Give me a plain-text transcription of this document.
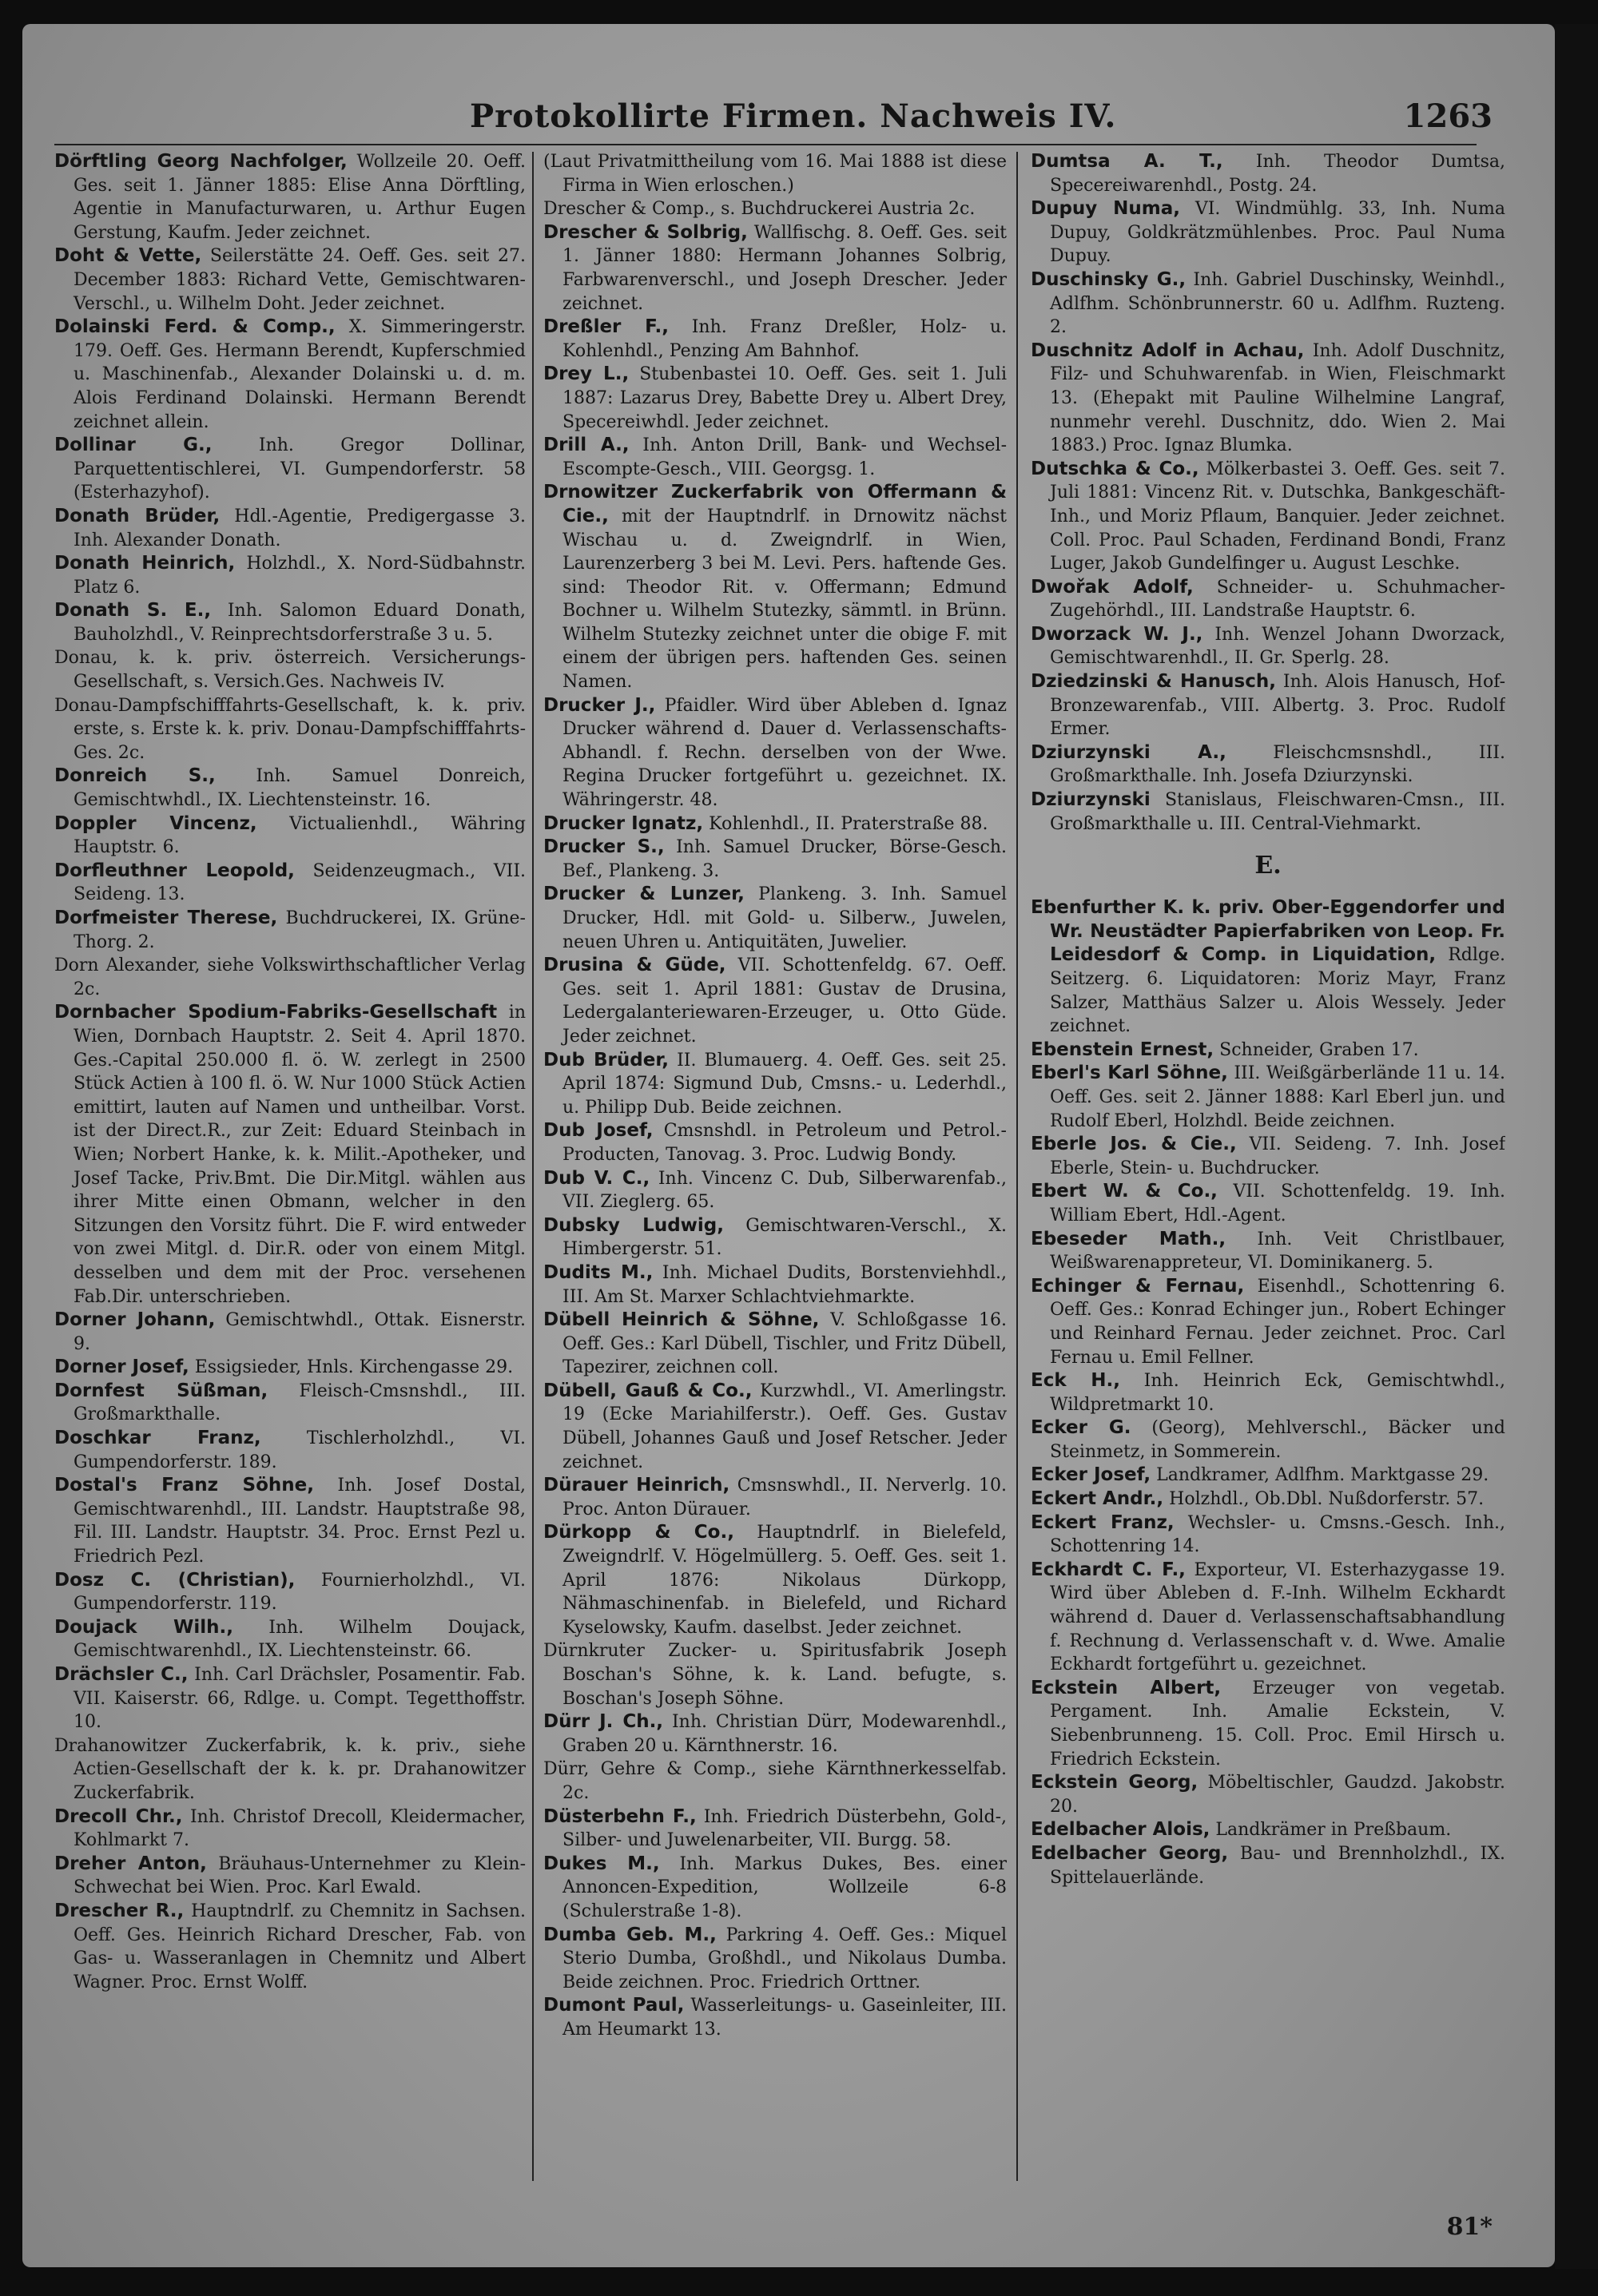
Protokollirte Firmen. Nachweis IV.	1263

Dörftling Georg Nachfolger, Wollzeile 20. Oeff. Ges. seit 1. Jänner 1885: Elise Anna Dörftling, Agentie in Manufacturwaren, u. Arthur Eugen Gerstung, Kaufm. Jeder zeichnet.

Doht & Vette, Seilerstätte 24. Oeff. Ges. seit 27. December 1883: Richard Vette, Gemischtwaren-Verschl., u. Wilhelm Doht. Jeder zeichnet.

Dolainski Ferd. & Comp., X. Simmeringerstr. 179. Oeff. Ges. Hermann Berendt, Kupferschmied u. Maschinenfab., Alexander Dolainski u. d. m. Alois Ferdinand Dolainski. Hermann Berendt zeichnet allein.

Dollinar G., Inh. Gregor Dollinar, Parquettentischlerei, VI. Gumpendorferstr. 58 (Esterhazyhof).

Donath Brüder, Hdl.-Agentie, Predigergasse 3. Inh. Alexander Donath.

Donath Heinrich, Holzhdl., X. Nord-Südbahnstr. Platz 6.

Donath S. E., Inh. Salomon Eduard Donath, Bauholzhdl., V. Reinprechtsdorferstraße 3 u. 5.

Donau, k. k. priv. österreich. Versicherungs-Gesellschaft, s. Versich.Ges. Nachweis IV.

Donau-Dampfschifffahrts-Gesellschaft, k. k. priv. erste, s. Erste k. k. priv. Donau-Dampfschifffahrts-Ges. 2c.

Donreich S., Inh. Samuel Donreich, Gemischtwhdl., IX. Liechtensteinstr. 16.

Doppler Vincenz, Victualienhdl., Währing Hauptstr. 6.

Dorfleuthner Leopold, Seidenzeugmach., VII. Seideng. 13.

Dorfmeister Therese, Buchdruckerei, IX. Grüne-Thorg. 2.

Dorn Alexander, siehe Volkswirthschaftlicher Verlag 2c.

Dornbacher Spodium-Fabriks-Gesellschaft in Wien, Dornbach Hauptstr. 2. Seit 4. April 1870. Ges.-Capital 250.000 fl. ö. W. zerlegt in 2500 Stück Actien à 100 fl. ö. W. Nur 1000 Stück Actien emittirt, lauten auf Namen und untheilbar. Vorst. ist der Direct.R., zur Zeit: Eduard Steinbach in Wien; Norbert Hanke, k. k. Milit.-Apotheker, und Josef Tacke, Priv.Bmt. Die Dir.Mitgl. wählen aus ihrer Mitte einen Obmann, welcher in den Sitzungen den Vorsitz führt. Die F. wird entweder von zwei Mitgl. d. Dir.R. oder von einem Mitgl. desselben und dem mit der Proc. versehenen Fab.Dir. unterschrieben.

Dorner Johann, Gemischtwhdl., Ottak. Eisnerstr. 9.

Dorner Josef, Essigsieder, Hnls. Kirchengasse 29.

Dornfest Süßman, Fleisch-Cmsnshdl., III. Großmarkthalle.

Doschkar Franz, Tischlerholzhdl., VI. Gumpendorferstr. 189.

Dostal's Franz Söhne, Inh. Josef Dostal, Gemischtwarenhdl., III. Landstr. Hauptstraße 98, Fil. III. Landstr. Hauptstr. 34. Proc. Ernst Pezl u. Friedrich Pezl.

Dosz C. (Christian), Fournierholzhdl., VI. Gumpendorferstr. 119.

Doujack Wilh., Inh. Wilhelm Doujack, Gemischtwarenhdl., IX. Liechtensteinstr. 66.

Drächsler C., Inh. Carl Drächsler, Posamentir. Fab. VII. Kaiserstr. 66, Rdlge. u. Compt. Tegetthoffstr. 10.

Drahanowitzer Zuckerfabrik, k. k. priv., siehe Actien-Gesellschaft der k. k. pr. Drahanowitzer Zuckerfabrik.

Drecoll Chr., Inh. Christof Drecoll, Kleidermacher, Kohlmarkt 7.

Dreher Anton, Bräuhaus-Unternehmer zu Klein-Schwechat bei Wien. Proc. Karl Ewald.

Drescher R., Hauptndrlf. zu Chemnitz in Sachsen. Oeff. Ges. Heinrich Richard Drescher, Fab. von Gas- u. Wasseranlagen in Chemnitz und Albert Wagner. Proc. Ernst Wolff.

(Laut Privatmittheilung vom 16. Mai 1888 ist diese Firma in Wien erloschen.)

Drescher & Comp., s. Buchdruckerei Austria 2c.

Drescher & Solbrig, Wallfischg. 8. Oeff. Ges. seit 1. Jänner 1880: Hermann Johannes Solbrig, Farbwarenverschl., und Joseph Drescher. Jeder zeichnet.

Dreßler F., Inh. Franz Dreßler, Holz- u. Kohlenhdl., Penzing Am Bahnhof.

Drey L., Stubenbastei 10. Oeff. Ges. seit 1. Juli 1887: Lazarus Drey, Babette Drey u. Albert Drey, Specereiwhdl. Jeder zeichnet.

Drill A., Inh. Anton Drill, Bank- und Wechsel-Escompte-Gesch., VIII. Georgsg. 1.

Drnowitzer Zuckerfabrik von Offermann & Cie., mit der Hauptndrlf. in Drnowitz nächst Wischau u. d. Zweigndrlf. in Wien, Laurenzerberg 3 bei M. Levi. Pers. haftende Ges. sind: Theodor Rit. v. Offermann; Edmund Bochner u. Wilhelm Stutezky, sämmtl. in Brünn. Wilhelm Stutezky zeichnet unter die obige F. mit einem der übrigen pers. haftenden Ges. seinen Namen.

Drucker J., Pfaidler. Wird über Ableben d. Ignaz Drucker während d. Dauer d. Verlassenschafts-Abhandl. f. Rechn. derselben von der Wwe. Regina Drucker fortgeführt u. gezeichnet. IX. Währingerstr. 48.

Drucker Ignatz, Kohlenhdl., II. Praterstraße 88.

Drucker S., Inh. Samuel Drucker, Börse-Gesch. Bef., Plankeng. 3.

Drucker & Lunzer, Plankeng. 3. Inh. Samuel Drucker, Hdl. mit Gold- u. Silberw., Juwelen, neuen Uhren u. Antiquitäten, Juwelier.

Drusina & Güde, VII. Schottenfeldg. 67. Oeff. Ges. seit 1. April 1881: Gustav de Drusina, Ledergalanteriewaren-Erzeuger, u. Otto Güde. Jeder zeichnet.

Dub Brüder, II. Blumauerg. 4. Oeff. Ges. seit 25. April 1874: Sigmund Dub, Cmsns.- u. Lederhdl., u. Philipp Dub. Beide zeichnen.

Dub Josef, Cmsnshdl. in Petroleum und Petrol.-Producten, Tanovag. 3. Proc. Ludwig Bondy.

Dub V. C., Inh. Vincenz C. Dub, Silberwarenfab., VII. Zieglerg. 65.

Dubsky Ludwig, Gemischtwaren-Verschl., X. Himbergerstr. 51.

Dudits M., Inh. Michael Dudits, Borstenviehhdl., III. Am St. Marxer Schlachtviehmarkte.

Dübell Heinrich & Söhne, V. Schloßgasse 16. Oeff. Ges.: Karl Dübell, Tischler, und Fritz Dübell, Tapezirer, zeichnen coll.

Dübell, Gauß & Co., Kurzwhdl., VI. Amerlingstr. 19 (Ecke Mariahilferstr.). Oeff. Ges. Gustav Dübell, Johannes Gauß und Josef Retscher. Jeder zeichnet.

Dürauer Heinrich, Cmsnswhdl., II. Nerverlg. 10. Proc. Anton Dürauer.

Dürkopp & Co., Hauptndrlf. in Bielefeld, Zweigndrlf. V. Högelmüllerg. 5. Oeff. Ges. seit 1. April 1876: Nikolaus Dürkopp, Nähmaschinenfab. in Bielefeld, und Richard Kyselowsky, Kaufm. daselbst. Jeder zeichnet.

Dürnkruter Zucker- u. Spiritusfabrik Joseph Boschan's Söhne, k. k. Land. befugte, s. Boschan's Joseph Söhne.

Dürr J. Ch., Inh. Christian Dürr, Modewarenhdl., Graben 20 u. Kärnthnerstr. 16.

Dürr, Gehre & Comp., siehe Kärnthnerkesselfab. 2c.

Düsterbehn F., Inh. Friedrich Düsterbehn, Gold-, Silber- und Juwelenarbeiter, VII. Burgg. 58.

Dukes M., Inh. Markus Dukes, Bes. einer Annoncen-Expedition, Wollzeile 6-8 (Schulerstraße 1-8).

Dumba Geb. M., Parkring 4. Oeff. Ges.: Miquel Sterio Dumba, Großhdl., und Nikolaus Dumba. Beide zeichnen. Proc. Friedrich Orttner.

Dumont Paul, Wasserleitungs- u. Gaseinleiter, III. Am Heumarkt 13.

Dumtsa A. T., Inh. Theodor Dumtsa, Specereiwarenhdl., Postg. 24.

Dupuy Numa, VI. Windmühlg. 33, Inh. Numa Dupuy, Goldkrätzmühlenbes. Proc. Paul Numa Dupuy.

Duschinsky G., Inh. Gabriel Duschinsky, Weinhdl., Adlfhm. Schönbrunnerstr. 60 u. Adlfhm. Ruzteng. 2.

Duschnitz Adolf in Achau, Inh. Adolf Duschnitz, Filz- und Schuhwarenfab. in Wien, Fleischmarkt 13. (Ehepakt mit Pauline Wilhelmine Langraf, nunmehr verehl. Duschnitz, ddo. Wien 2. Mai 1883.) Proc. Ignaz Blumka.

Dutschka & Co., Mölkerbastei 3. Oeff. Ges. seit 7. Juli 1881: Vincenz Rit. v. Dutschka, Bankgeschäft-Inh., und Moriz Pflaum, Banquier. Jeder zeichnet. Coll. Proc. Paul Schaden, Ferdinand Bondi, Franz Luger, Jakob Gundelfinger u. August Leschke.

Dwořak Adolf, Schneider- u. Schuhmacher-Zugehörhdl., III. Landstraße Hauptstr. 6.

Dworzack W. J., Inh. Wenzel Johann Dworzack, Gemischtwarenhdl., II. Gr. Sperlg. 28.

Dziedzinski & Hanusch, Inh. Alois Hanusch, Hof-Bronzewarenfab., VIII. Albertg. 3. Proc. Rudolf Ermer.

Dziurzynski A., Fleischcmsnshdl., III. Großmarkthalle. Inh. Josefa Dziurzynski.

Dziurzynski Stanislaus, Fleischwaren-Cmsn., III. Großmarkthalle u. III. Central-Viehmarkt.

E.

Ebenfurther K. k. priv. Ober-Eggendorfer und Wr. Neustädter Papierfabriken von Leop. Fr. Leidesdorf & Comp. in Liquidation, Rdlge. Seitzerg. 6. Liquidatoren: Moriz Mayr, Franz Salzer, Matthäus Salzer u. Alois Wessely. Jeder zeichnet.

Ebenstein Ernest, Schneider, Graben 17.

Eberl's Karl Söhne, III. Weißgärberlände 11 u. 14. Oeff. Ges. seit 2. Jänner 1888: Karl Eberl jun. und Rudolf Eberl, Holzhdl. Beide zeichnen.

Eberle Jos. & Cie., VII. Seideng. 7. Inh. Josef Eberle, Stein- u. Buchdrucker.

Ebert W. & Co., VII. Schottenfeldg. 19. Inh. William Ebert, Hdl.-Agent.

Ebeseder Math., Inh. Veit Christlbauer, Weißwarenappreteur, VI. Dominikanerg. 5.

Echinger & Fernau, Eisenhdl., Schottenring 6. Oeff. Ges.: Konrad Echinger jun., Robert Echinger und Reinhard Fernau. Jeder zeichnet. Proc. Carl Fernau u. Emil Fellner.

Eck H., Inh. Heinrich Eck, Gemischtwhdl., Wildpretmarkt 10.

Ecker G. (Georg), Mehlverschl., Bäcker und Steinmetz, in Sommerein.

Ecker Josef, Landkramer, Adlfhm. Marktgasse 29.

Eckert Andr., Holzhdl., Ob.Dbl. Nußdorferstr. 57.

Eckert Franz, Wechsler- u. Cmsns.-Gesch. Inh., Schottenring 14.

Eckhardt C. F., Exporteur, VI. Esterhazygasse 19. Wird über Ableben d. F.-Inh. Wilhelm Eckhardt während d. Dauer d. Verlassenschaftsabhandlung f. Rechnung d. Verlassenschaft v. d. Wwe. Amalie Eckhardt fortgeführt u. gezeichnet.

Eckstein Albert, Erzeuger von vegetab. Pergament. Inh. Amalie Eckstein, V. Siebenbrunneng. 15. Coll. Proc. Emil Hirsch u. Friedrich Eckstein.

Eckstein Georg, Möbeltischler, Gaudzd. Jakobstr. 20.

Edelbacher Alois, Landkrämer in Preßbaum.

Edelbacher Georg, Bau- und Brennholzhdl., IX. Spittelauerlände.

81*
